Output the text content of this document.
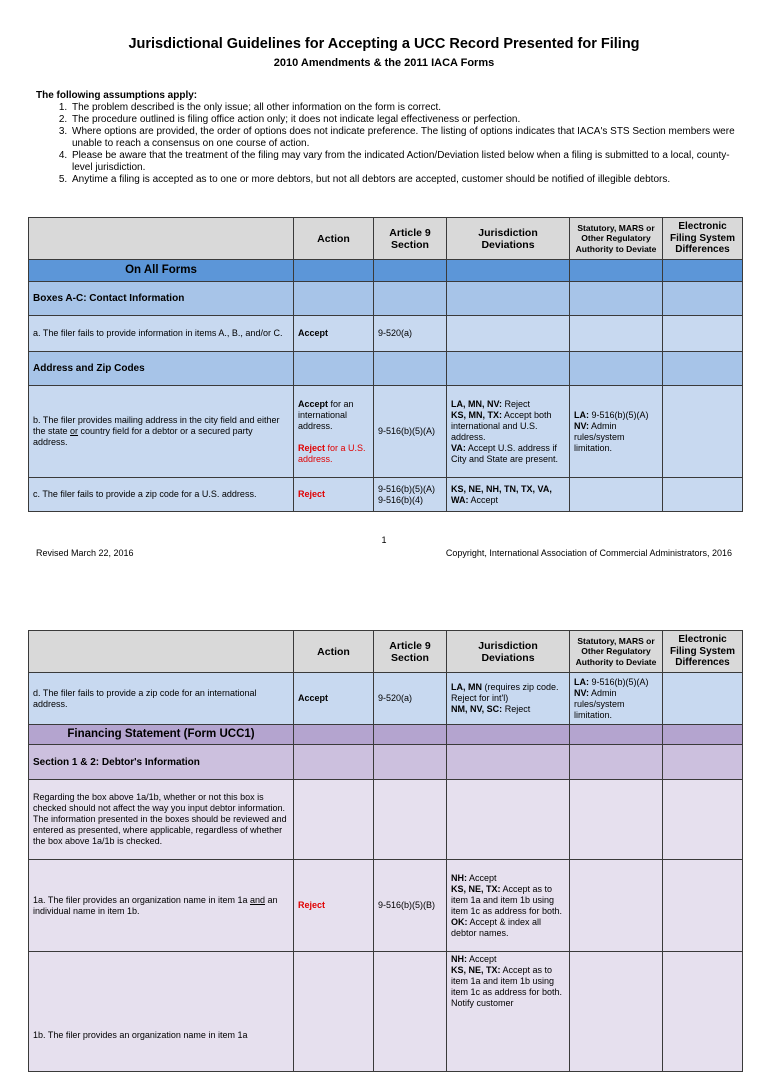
Jurisdictional Guidelines for Accepting a UCC Record Presented for Filing
2010 Amendments & the 2011 IACA Forms
The following assumptions apply:
1. The problem described is the only issue; all other information on the form is correct.
2. The procedure outlined is filing office action only; it does not indicate legal effectiveness or perfection.
3. Where options are provided, the order of options does not indicate preference. The listing of options indicates that IACA's STS Section members were unable to reach a consensus on one course of action.
4. Please be aware that the treatment of the filing may vary from the indicated Action/Deviation listed below when a filing is submitted to a local, county-level jurisdiction.
5. Anytime a filing is accepted as to one or more debtors, but not all debtors are accepted, customer should be notified of illegible debtors.
	Action	Article 9 Section	Jurisdiction Deviations	Statutory, MARS or Other Regulatory Authority to Deviate	Electronic Filing System Differences
On All Forms					
Boxes A-C: Contact Information					
a. The filer fails to provide information in items A., B., and/or C.	Accept	9-520(a)			
Address and Zip Codes					
b. The filer provides mailing address in the city field and either the state or country field for a debtor or a secured party address.	Accept for an international address.

Reject for a U.S. address.	9-516(b)(5)(A)	LA, MN, NV: Reject
KS, MN, TX: Accept both international and U.S. address.
VA: Accept U.S. address if City and State are present.	LA: 9-516(b)(5)(A)
NV: Admin rules/system limitation.	
c. The filer fails to provide a zip code for a U.S. address.	Reject	9-516(b)(5)(A)
9-516(b)(4)	KS, NE, NH, TN, TX, VA, WA: Accept		
1
Revised March 22, 2016	Copyright, International Association of Commercial Administrators, 2016
	Action	Article 9 Section	Jurisdiction Deviations	Statutory, MARS or Other Regulatory Authority to Deviate	Electronic Filing System Differences
d. The filer fails to provide a zip code for an international address.	Accept	9-520(a)	LA, MN (requires zip code. Reject for int'l)
NM, NV, SC: Reject	LA: 9-516(b)(5)(A)
NV: Admin rules/system limitation.	
Financing Statement (Form UCC1)					
Section 1 & 2: Debtor's Information					
Regarding the box above 1a/1b, whether or not this box is checked should not affect the way you input debtor information. The information presented in the boxes should be reviewed and entered as presented, where applicable, regardless of whether the box above 1a/1b is checked.					
1a. The filer provides an organization name in item 1a and an individual name in item 1b.	Reject	9-516(b)(5)(B)	NH: Accept
KS, NE, TX: Accept as to item 1a and item 1b using item 1c as address for both.
OK: Accept & index all debtor names.		
1b. The filer provides an organization name in item 1a			NH: Accept
KS, NE, TX: Accept as to item 1a and item 1b using item 1c as address for both. Notify customer		
